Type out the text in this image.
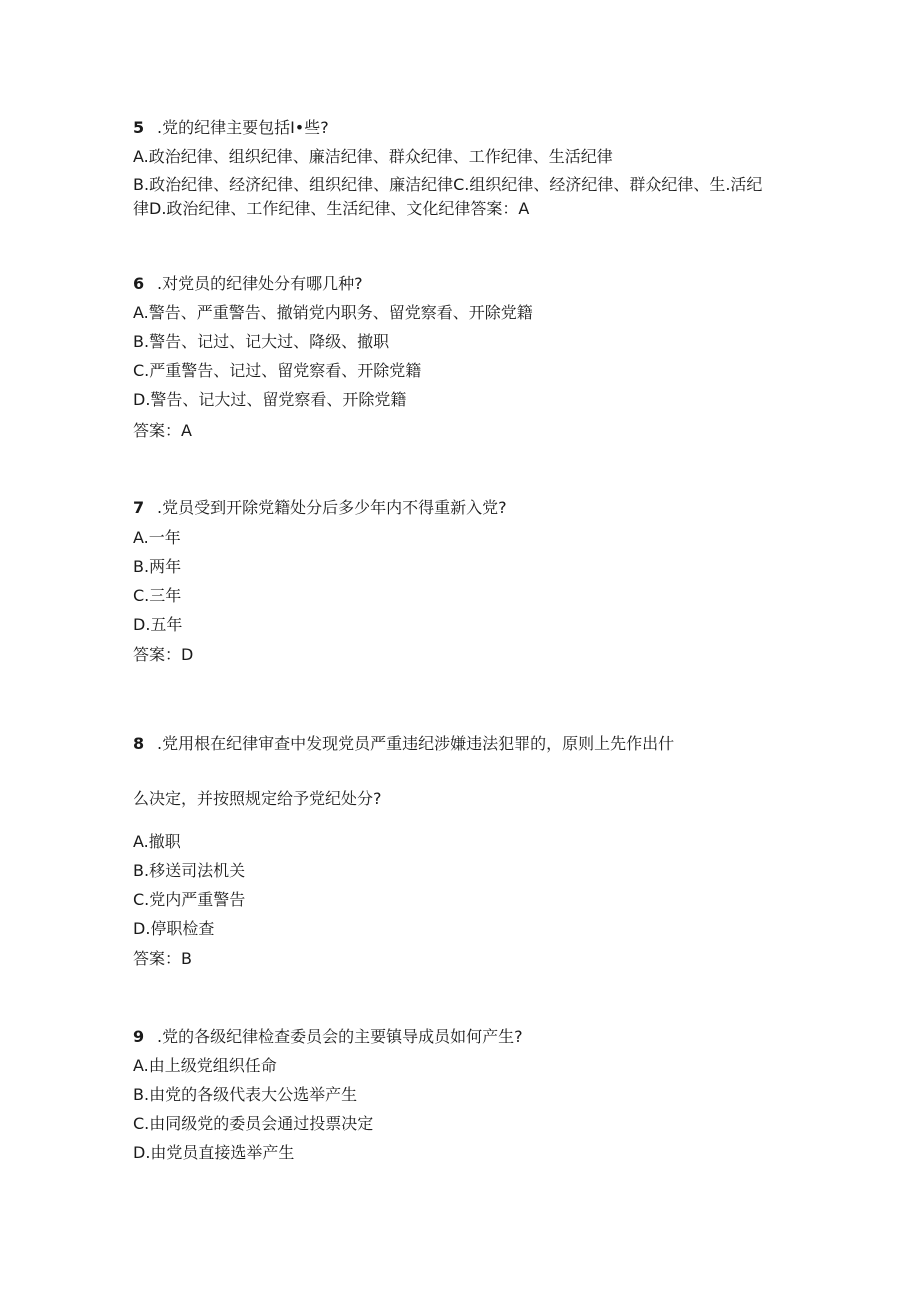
5 .党的纪律主要包括I•些?
A.政治纪律、组织纪律、廉洁纪律、群众纪律、工作纪律、生活纪律
B.政治纪律、经济纪律、组织纪律、廉洁纪律C.组织纪律、经济纪律、群众纪律、生.活纪
律D.政治纪律、工作纪律、生活纪律、文化纪律答案：A
6 .对党员的纪律处分有哪几种?
A.警告、严重警告、撤销党内职务、留党察看、开除党籍
B.警告、记过、记大过、降级、撤职
C.严重警告、记过、留党察看、开除党籍
D.警告、记大过、留党察看、开除党籍
答案：A
7 .党员受到开除党籍处分后多少年内不得重新入党?
A.一年
B.两年
C.三年
D.五年
答案：D
8 .党用根在纪律审查中发现党员严重违纪涉嫌违法犯罪的，原则上先作出什
么决定，并按照规定给予党纪处分?
A.撤职
B.移送司法机关
C.党内严重警告
D.停职检查
答案：B
9 .党的各级纪律检查委员会的主要镇导成员如何产生?
A.由上级党组织任命
B.由党的各级代表大公选举产生
C.由同级党的委员会通过投票决定
D.由党员直接选举产生
